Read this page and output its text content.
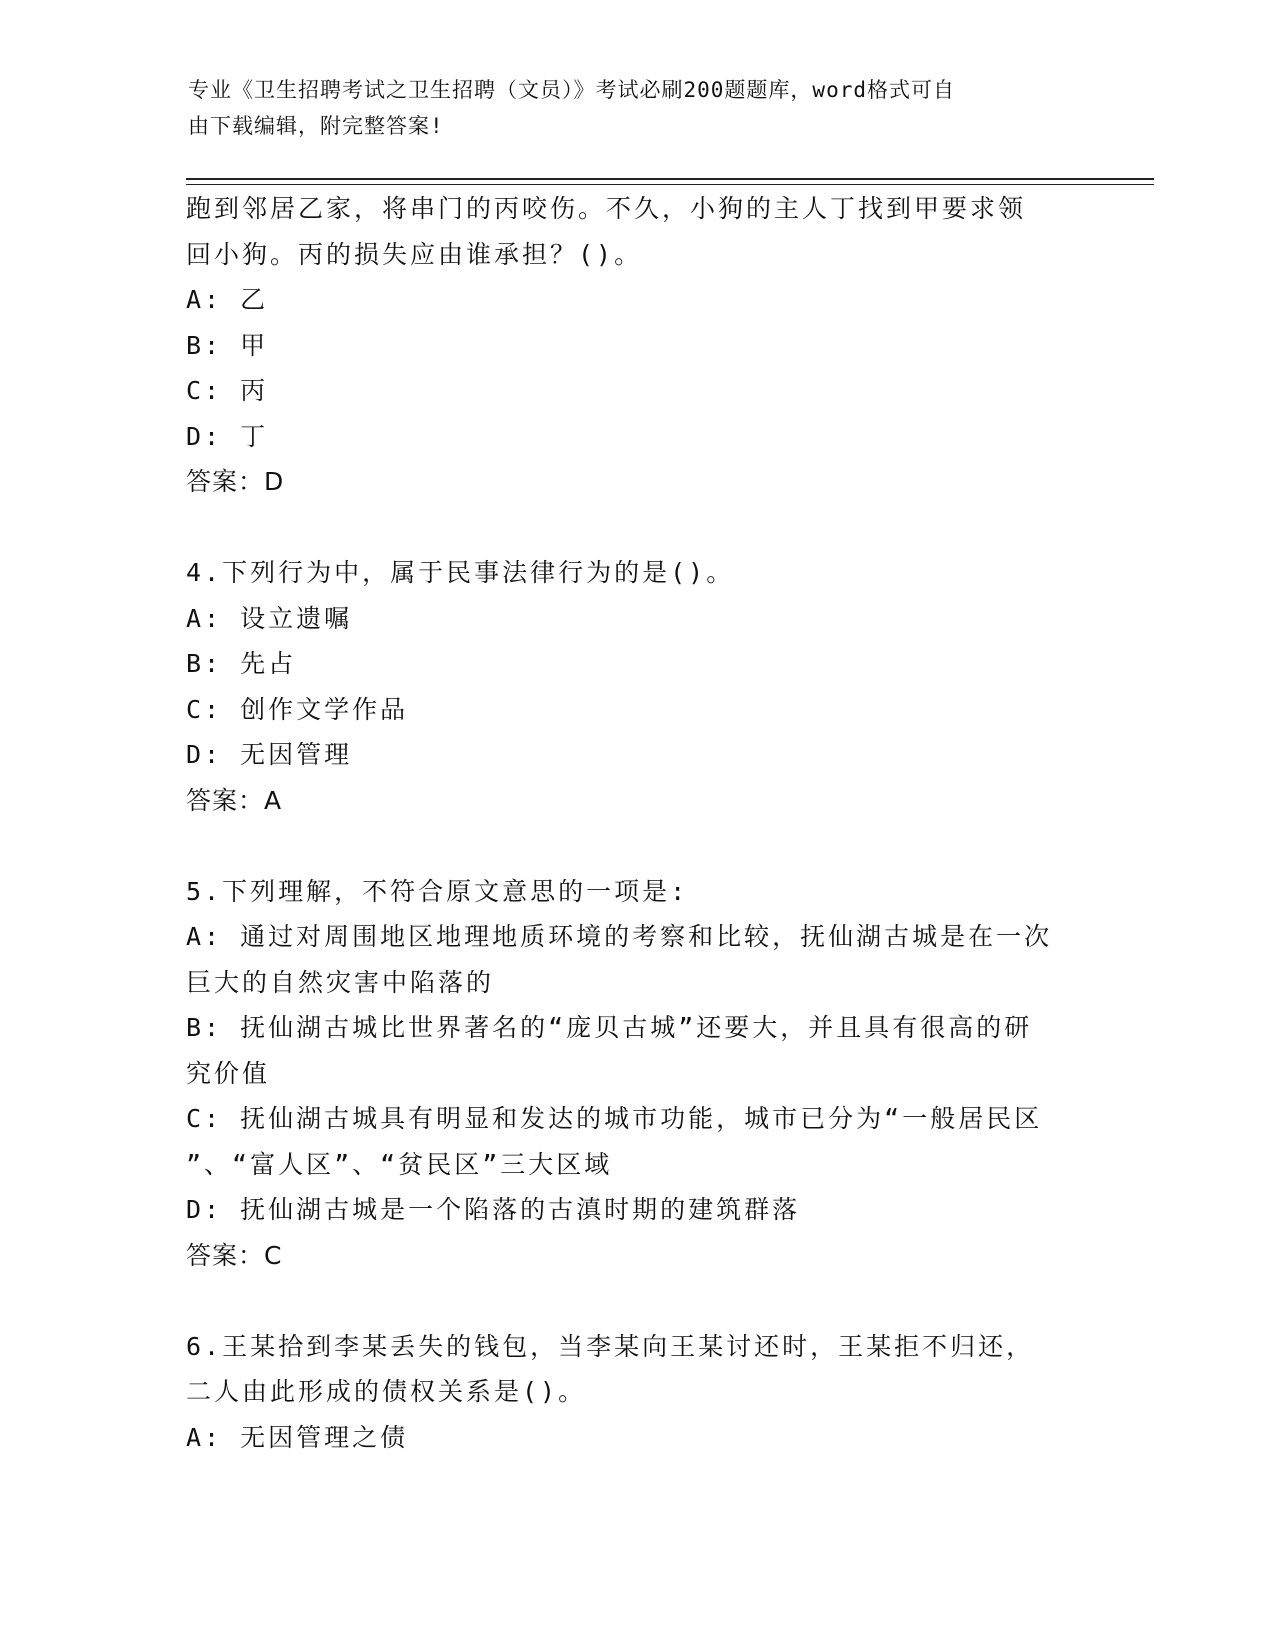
专业《卫生招聘考试之卫生招聘（文员）》考试必刷200题题库，word格式可自
由下载编辑，附完整答案!
跑到邻居乙家，将串门的丙咬伤。不久，小狗的主人丁找到甲要求领
回小狗。丙的损失应由谁承担？()。
A: 乙
B: 甲
C: 丙
D: 丁
答案：D
4.下列行为中，属于民事法律行为的是()。
A: 设立遗嘱
B: 先占
C: 创作文学作品
D: 无因管理
答案：A
5.下列理解，不符合原文意思的一项是:
A: 通过对周围地区地理地质环境的考察和比较，抚仙湖古城是在一次
巨大的自然灾害中陷落的
B: 抚仙湖古城比世界著名的“庞贝古城”还要大，并且具有很高的研
究价值
C: 抚仙湖古城具有明显和发达的城市功能，城市已分为“一般居民区
”、“富人区”、“贫民区”三大区域
D: 抚仙湖古城是一个陷落的古滇时期的建筑群落
答案：C
6.王某拾到李某丢失的钱包，当李某向王某讨还时，王某拒不归还，
二人由此形成的债权关系是()。
A: 无因管理之债
